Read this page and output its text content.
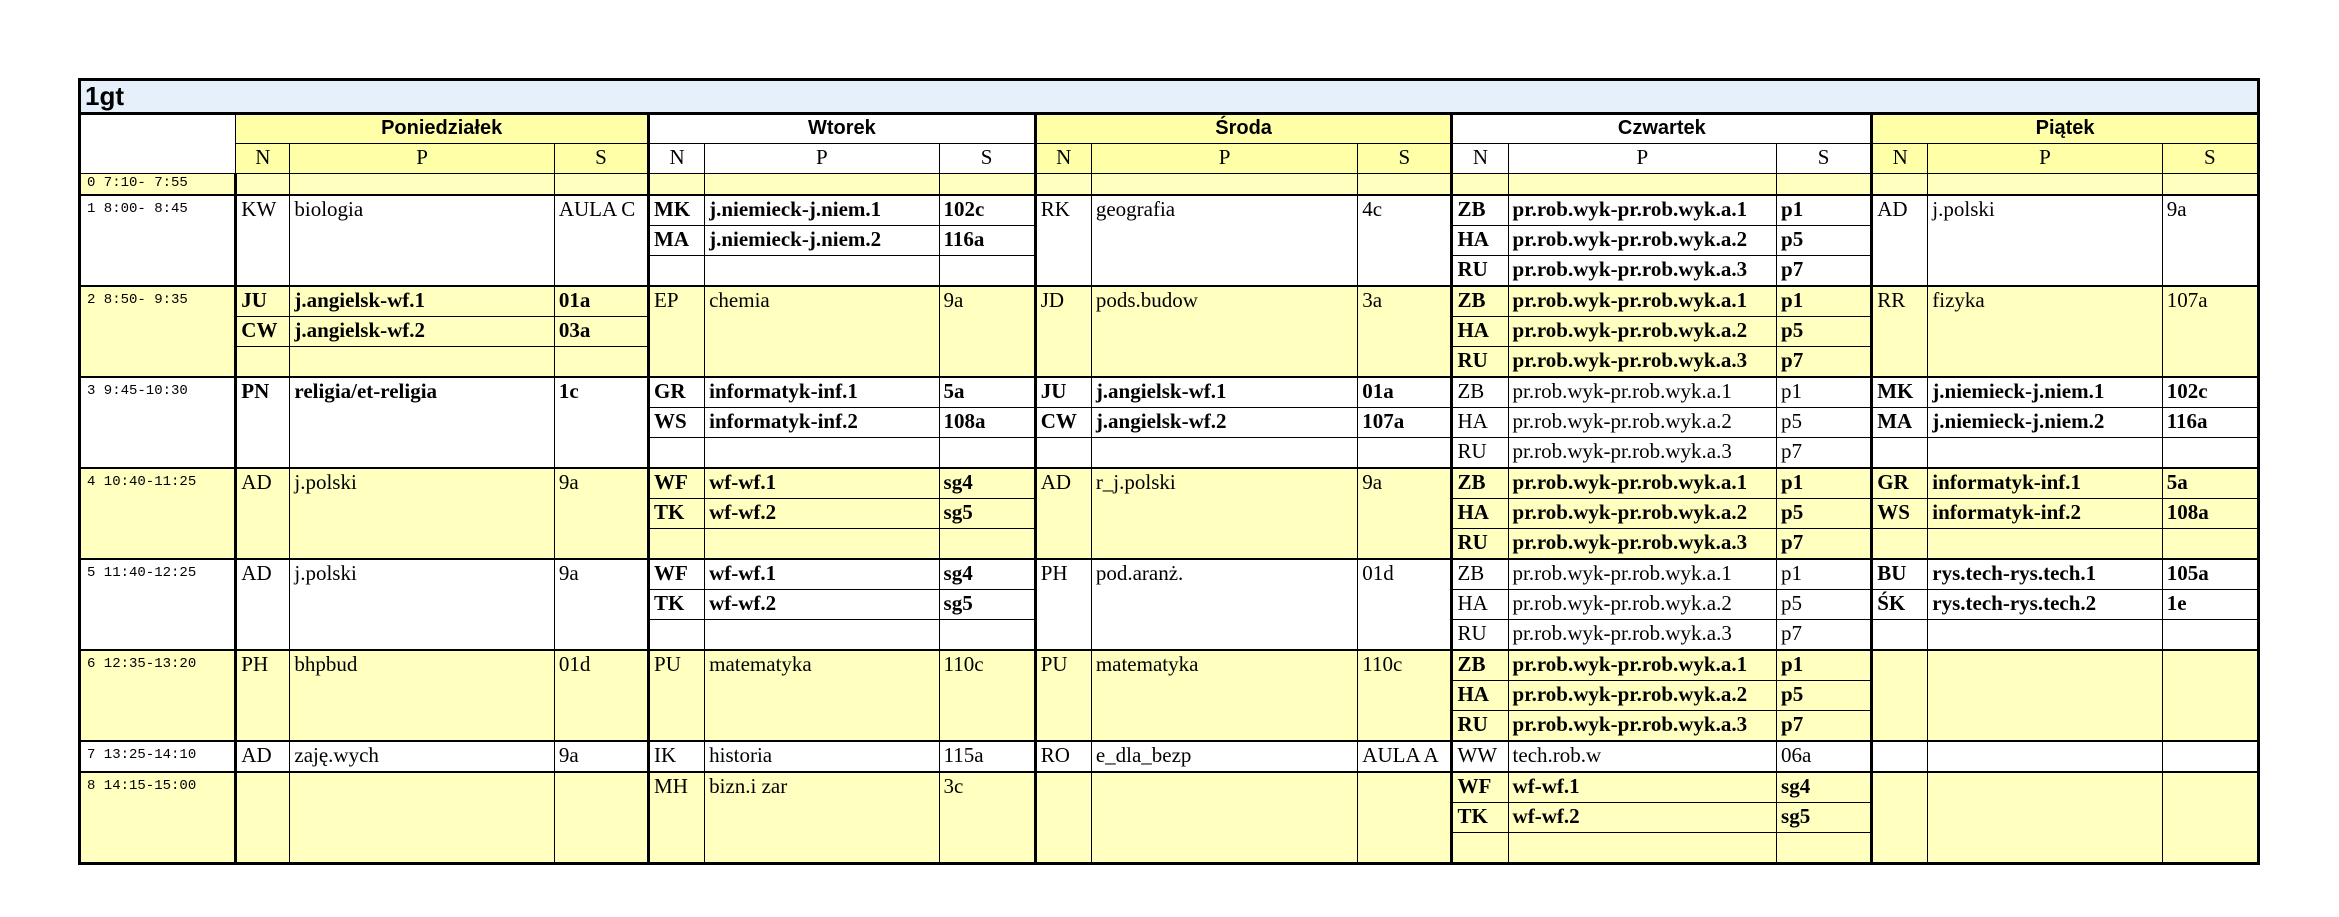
1gt
	Poniedziałek			Wtorek			Środa			Czwartek			Piątek		
	N	P	S	N	P	S	N	P	S	N	P	S	N	P	S
0 7:10- 7:55															
1 8:00- 8:45	KW	biologia	AULA C	MK	j.niemieck-j.niem.1	102c	RK	geografia	4c	ZB	pr.rob.wyk-pr.rob.wyk.a.1	p1	AD	j.polski	9a
				MA	j.niemieck-j.niem.2	116a				HA	pr.rob.wyk-pr.rob.wyk.a.2	p5			
										RU	pr.rob.wyk-pr.rob.wyk.a.3	p7			
2 8:50- 9:35	JU	j.angielsk-wf.1	01a	EP	chemia	9a	JD	pods.budow	3a	ZB	pr.rob.wyk-pr.rob.wyk.a.1	p1	RR	fizyka	107a
	CW	j.angielsk-wf.2	03a							HA	pr.rob.wyk-pr.rob.wyk.a.2	p5			
										RU	pr.rob.wyk-pr.rob.wyk.a.3	p7			
3 9:45-10:30	PN	religia/et-religia	1c	GR	informatyk-inf.1	5a	JU	j.angielsk-wf.1	01a	ZB	pr.rob.wyk-pr.rob.wyk.a.1	p1	MK	j.niemieck-j.niem.1	102c
				WS	informatyk-inf.2	108a	CW	j.angielsk-wf.2	107a	HA	pr.rob.wyk-pr.rob.wyk.a.2	p5	MA	j.niemieck-j.niem.2	116a
										RU	pr.rob.wyk-pr.rob.wyk.a.3	p7			
4 10:40-11:25	AD	j.polski	9a	WF	wf-wf.1	sg4	AD	r_j.polski	9a	ZB	pr.rob.wyk-pr.rob.wyk.a.1	p1	GR	informatyk-inf.1	5a
				TK	wf-wf.2	sg5				HA	pr.rob.wyk-pr.rob.wyk.a.2	p5	WS	informatyk-inf.2	108a
										RU	pr.rob.wyk-pr.rob.wyk.a.3	p7			
5 11:40-12:25	AD	j.polski	9a	WF	wf-wf.1	sg4	PH	pod.aranż.	01d	ZB	pr.rob.wyk-pr.rob.wyk.a.1	p1	BU	rys.tech-rys.tech.1	105a
				TK	wf-wf.2	sg5				HA	pr.rob.wyk-pr.rob.wyk.a.2	p5	ŚK	rys.tech-rys.tech.2	1e
										RU	pr.rob.wyk-pr.rob.wyk.a.3	p7			
6 12:35-13:20	PH	bhpbud	01d	PU	matematyka	110c	PU	matematyka	110c	ZB	pr.rob.wyk-pr.rob.wyk.a.1	p1			
										HA	pr.rob.wyk-pr.rob.wyk.a.2	p5			
										RU	pr.rob.wyk-pr.rob.wyk.a.3	p7			
7 13:25-14:10	AD	zaję.wych	9a	IK	historia	115a	RO	e_dla_bezp	AULA A	WW	tech.rob.w	06a			

8 14:15-15:00				MH	bizn.i zar	3c				WF	wf-wf.1	sg4			
										TK	wf-wf.2	sg5			
